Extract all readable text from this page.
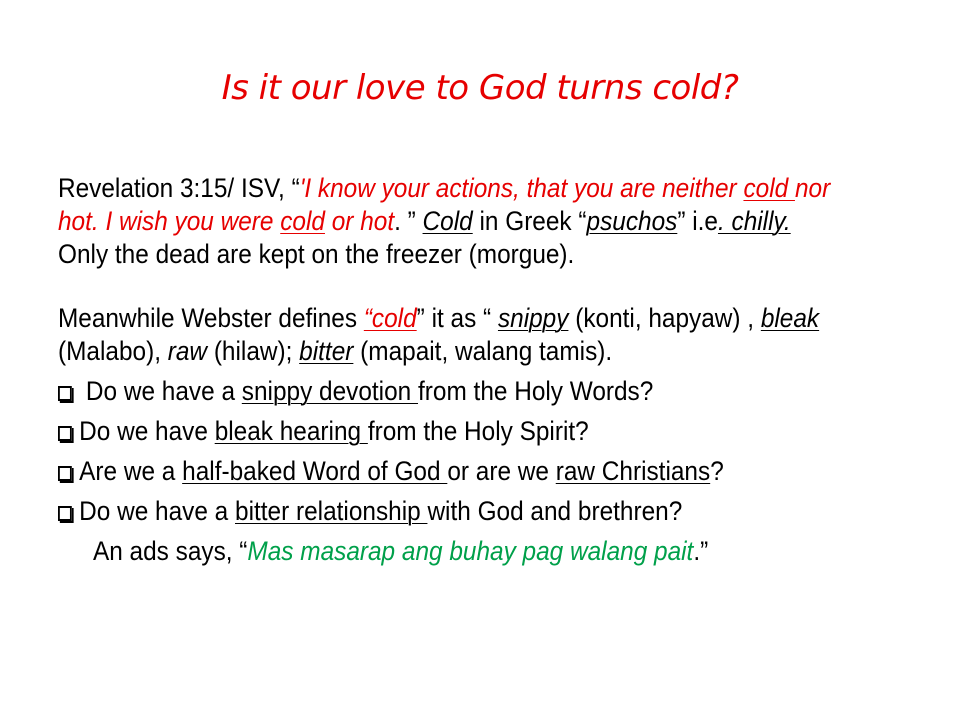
Is it our love to God turns cold?

Revelation 3:15/ ISV, “'I know your actions, that you are neither cold nor hot. I wish you were cold or hot. ” Cold in Greek “psuchos” i.e. chilly. Only the dead are kept on the freezer (morgue).

Meanwhile Webster defines “cold” it as “ snippy (konti, hapyaw) , bleak (Malabo), raw (hilaw); bitter (mapait, walang tamis).

Do we have a snippy devotion from the Holy Words?
Do we have bleak hearing from the Holy Spirit?
Are we a half-baked Word of God or are we raw Christians?
Do we have a bitter relationship with God and brethren?
An ads says, “Mas masarap ang buhay pag walang pait.”
